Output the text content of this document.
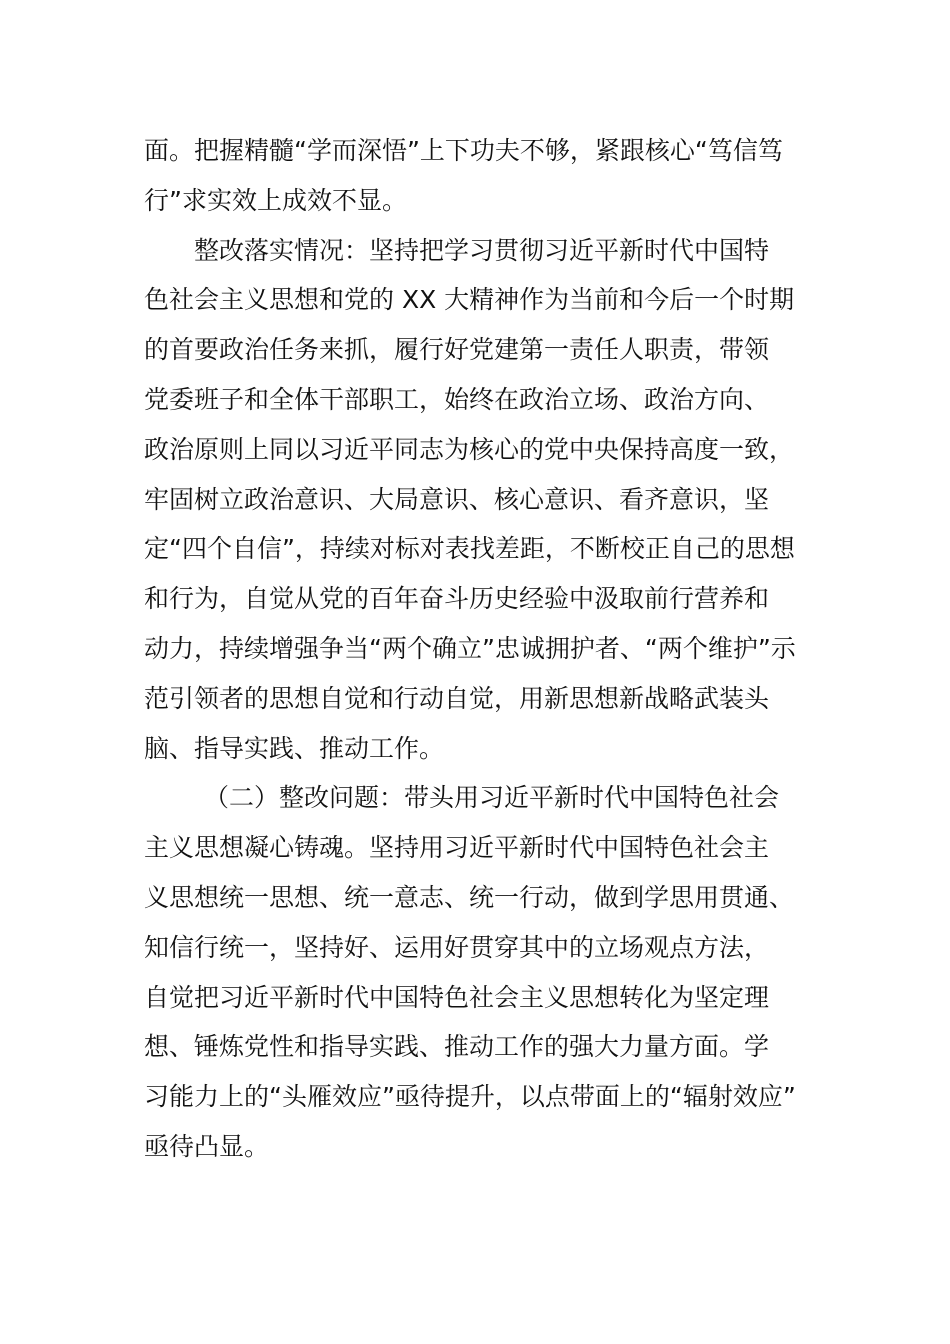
面。把握精髓“学而深悟”上下功夫不够，紧跟核心“笃信笃
行”求实效上成效不显。
整改落实情况：坚持把学习贯彻习近平新时代中国特
色社会主义思想和党的 XX 大精神作为当前和今后一个时期
的首要政治任务来抓，履行好党建第一责任人职责，带领
党委班子和全体干部职工，始终在政治立场、政治方向、
政治原则上同以习近平同志为核心的党中央保持高度一致，
牢固树立政治意识、大局意识、核心意识、看齐意识，坚
定“四个自信”，持续对标对表找差距，不断校正自己的思想
和行为，自觉从党的百年奋斗历史经验中汲取前行营养和
动力，持续增强争当“两个确立”忠诚拥护者、“两个维护”示
范引领者的思想自觉和行动自觉，用新思想新战略武装头
脑、指导实践、推动工作。
（二）整改问题：带头用习近平新时代中国特色社会
主义思想凝心铸魂。坚持用习近平新时代中国特色社会主
义思想统一思想、统一意志、统一行动，做到学思用贯通、
知信行统一，坚持好、运用好贯穿其中的立场观点方法，
自觉把习近平新时代中国特色社会主义思想转化为坚定理
想、锤炼党性和指导实践、推动工作的强大力量方面。学
习能力上的“头雁效应”亟待提升，以点带面上的“辐射效应”
亟待凸显。
